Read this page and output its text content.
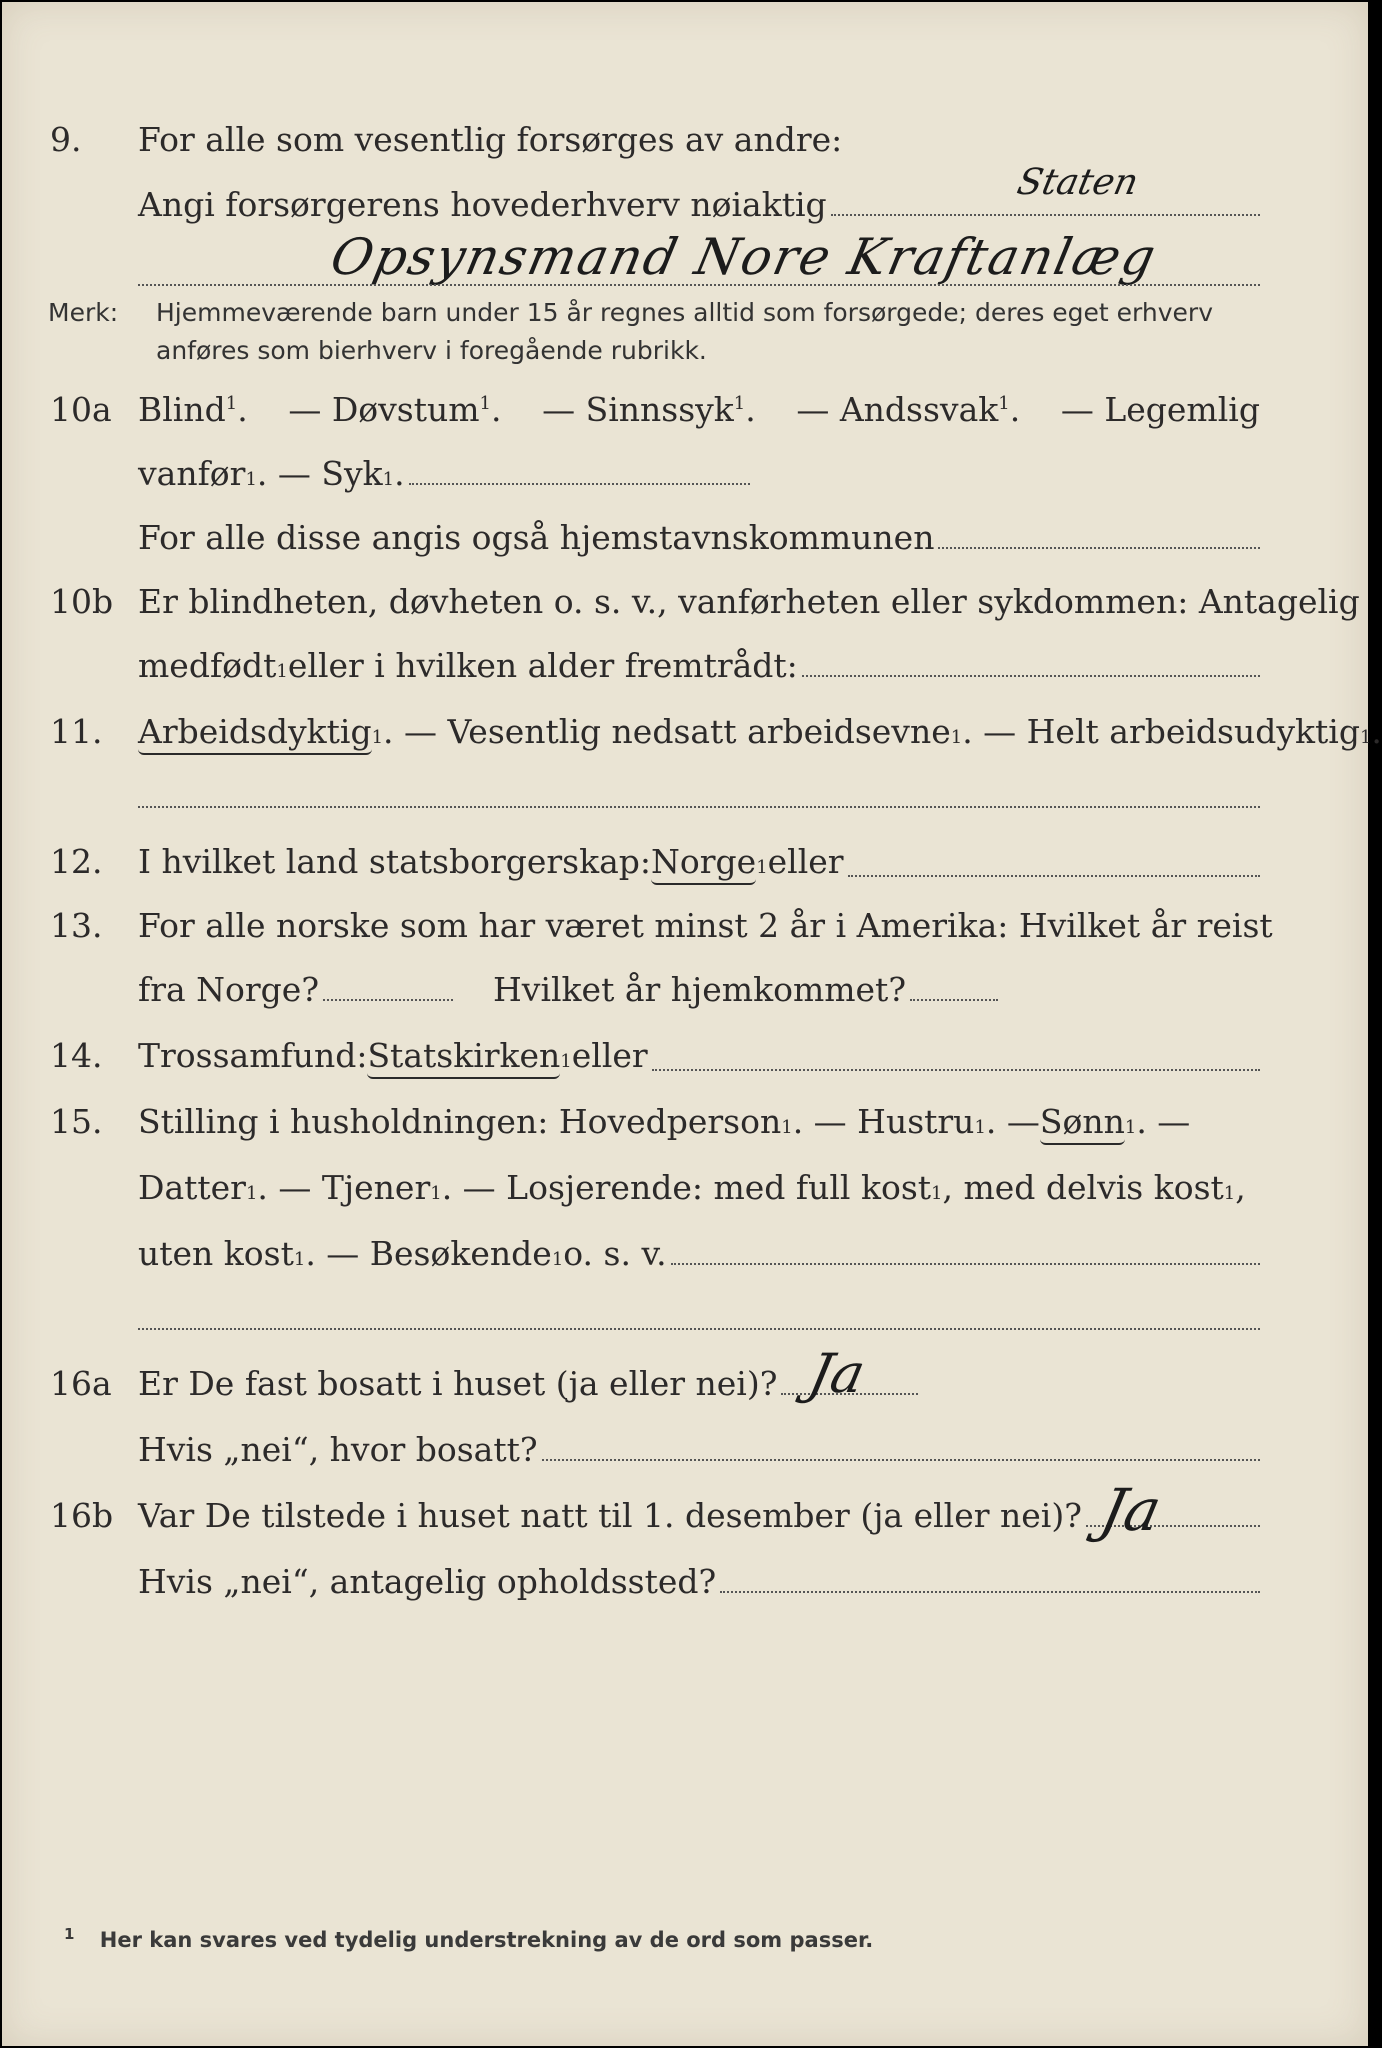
9. For alle som vesentlig forsørges av andre:
Angi forsørgerens hovederhverv nøiaktig
Staten
Opsynsmand Nore Kraftanlæg
Merk: Hjemmeværende barn under 15 år regnes alltid som forsørgede; deres eget erhverv
anføres som bierhverv i foregående rubrikk.
10a Blind$^1$. — Døvstum$^1$. — Sinnssyk$^1$. — Andssvak$^1$. — Legemlig
vanfør 1 . — Syk 1 .
For alle disse angis også hjemstavnskommunen
10b Er blindheten, døvheten o. s. v., vanførheten eller sykdommen: Antagelig
medfødt 1 eller i hvilken alder fremtrådt:
11. Arbeidsdyktig 1 . — Vesentlig nedsatt arbeidsevne 1 . — Helt arbeidsudyktig 1 .
12. I hvilket land statsborgerskap: Norge 1 eller
13. For alle norske som har været minst 2 år i Amerika: Hvilket år reist
fra Norge?	Hvilket år hjemkommet?
14. Trossamfund: Statskirken 1 eller
15. Stilling i husholdningen: Hovedperson 1 . — Hustru 1 . — Sønn 1 . —
Datter 1 . — Tjener 1 . — Losjerende: med full kost 1 , med delvis kost 1 ,
uten kost 1 . — Besøkende 1 o. s. v.
16a Er De fast bosatt i huset (ja eller nei)? Ja
Hvis „nei“, hvor bosatt?
16b Var De tilstede i huset natt til 1. desember (ja eller nei)? Ja
Hvis „nei“, antagelig opholdssted?
$^1$ Her kan svares ved tydelig understrekning av de ord som passer.
